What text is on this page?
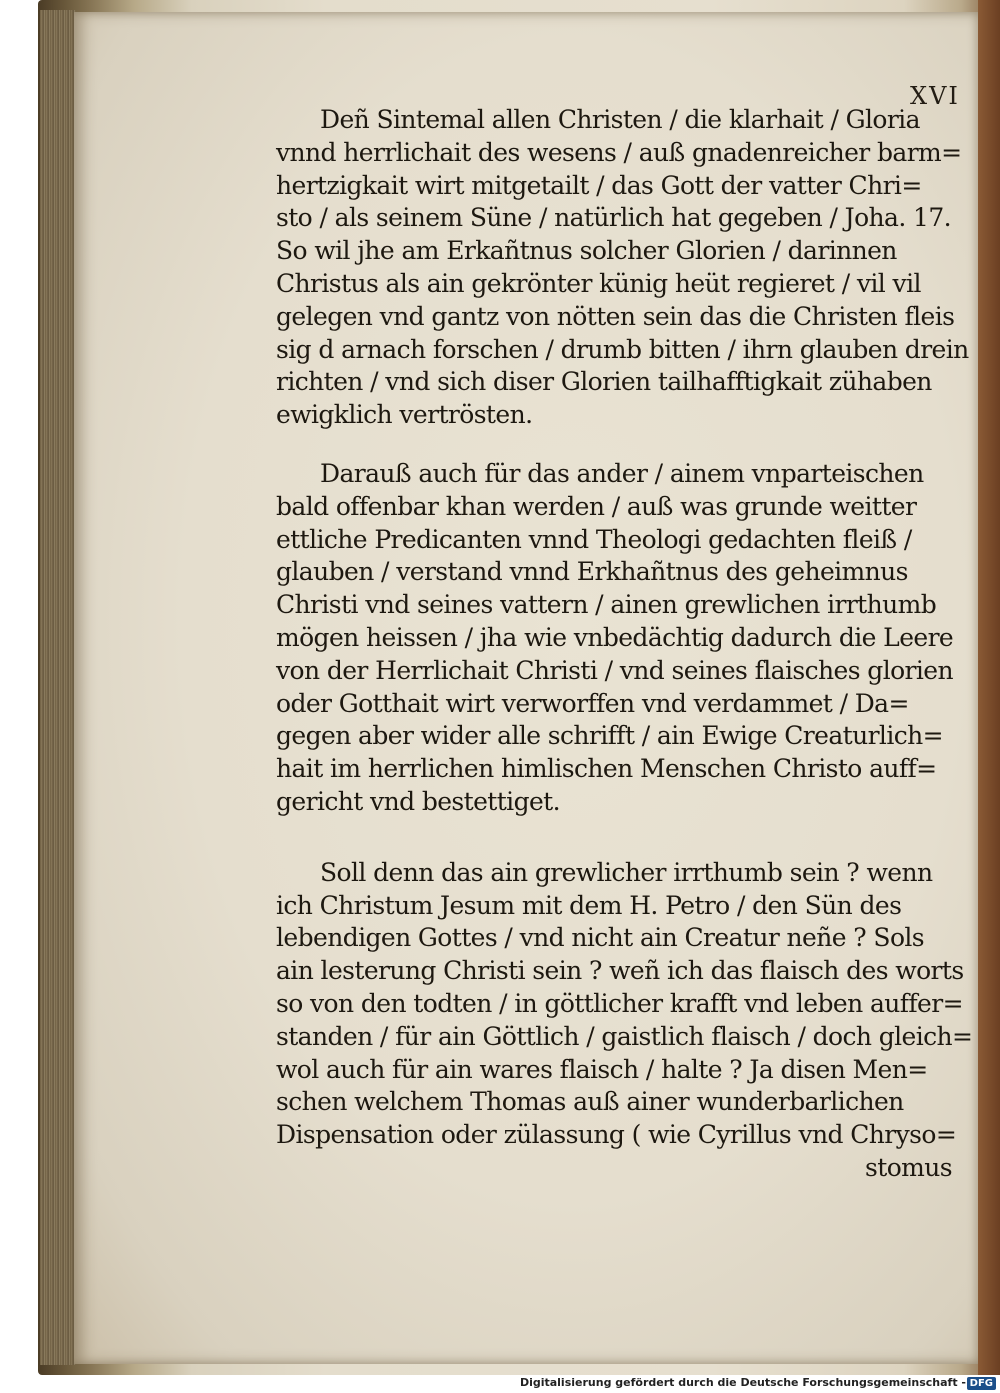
XVI
Deñ Sintemal allen Christen / die klarhait / Gloria
vnnd herrlichait des wesens / auß gnadenreicher barm=
hertzigkait wirt mitgetailt / das Gott der vatter Chri=
sto / als seinem Süne / natürlich hat gegeben / Joha. 17.
So wil jhe am Erkañtnus solcher Glorien / darinnen
Christus als ain gekrönter künig heüt regieret / vil vil
gelegen vnd gantz von nötten sein das die Christen fleis
sig d arnach forschen / drumb bitten / ihrn glauben drein
richten / vnd sich diser Glorien tailhafftigkait zühaben
ewigklich vertrösten.
Darauß auch für das ander / ainem vnparteischen
bald offenbar khan werden / auß was grunde weitter
ettliche Predicanten vnnd Theologi gedachten fleiß /
glauben / verstand vnnd Erkhañtnus des geheimnus
Christi vnd seines vattern / ainen grewlichen irrthumb
mögen heissen / jha wie vnbedächtig dadurch die Leere
von der Herrlichait Christi / vnd seines flaisches glorien
oder Gotthait wirt verworffen vnd verdammet / Da=
gegen aber wider alle schrifft / ain Ewige Creaturlich=
hait im herrlichen himlischen Menschen Christo auff=
gericht vnd bestettiget.
Soll denn das ain grewlicher irrthumb sein ? wenn
ich Christum Jesum mit dem H. Petro / den Sün des
lebendigen Gottes / vnd nicht ain Creatur neñe ? Sols
ain lesterung Christi sein ? weñ ich das flaisch des worts
so von den todten / in göttlicher krafft vnd leben auffer=
standen / für ain Göttlich / gaistlich flaisch / doch gleich=
wol auch für ain wares flaisch / halte ? Ja disen Men=
schen welchem Thomas auß ainer wunderbarlichen
Dispensation oder zülassung ( wie Cyrillus vnd Chryso=
stomus
Digitalisierung gefördert durch die Deutsche Forschungsgemeinschaft - DFG
